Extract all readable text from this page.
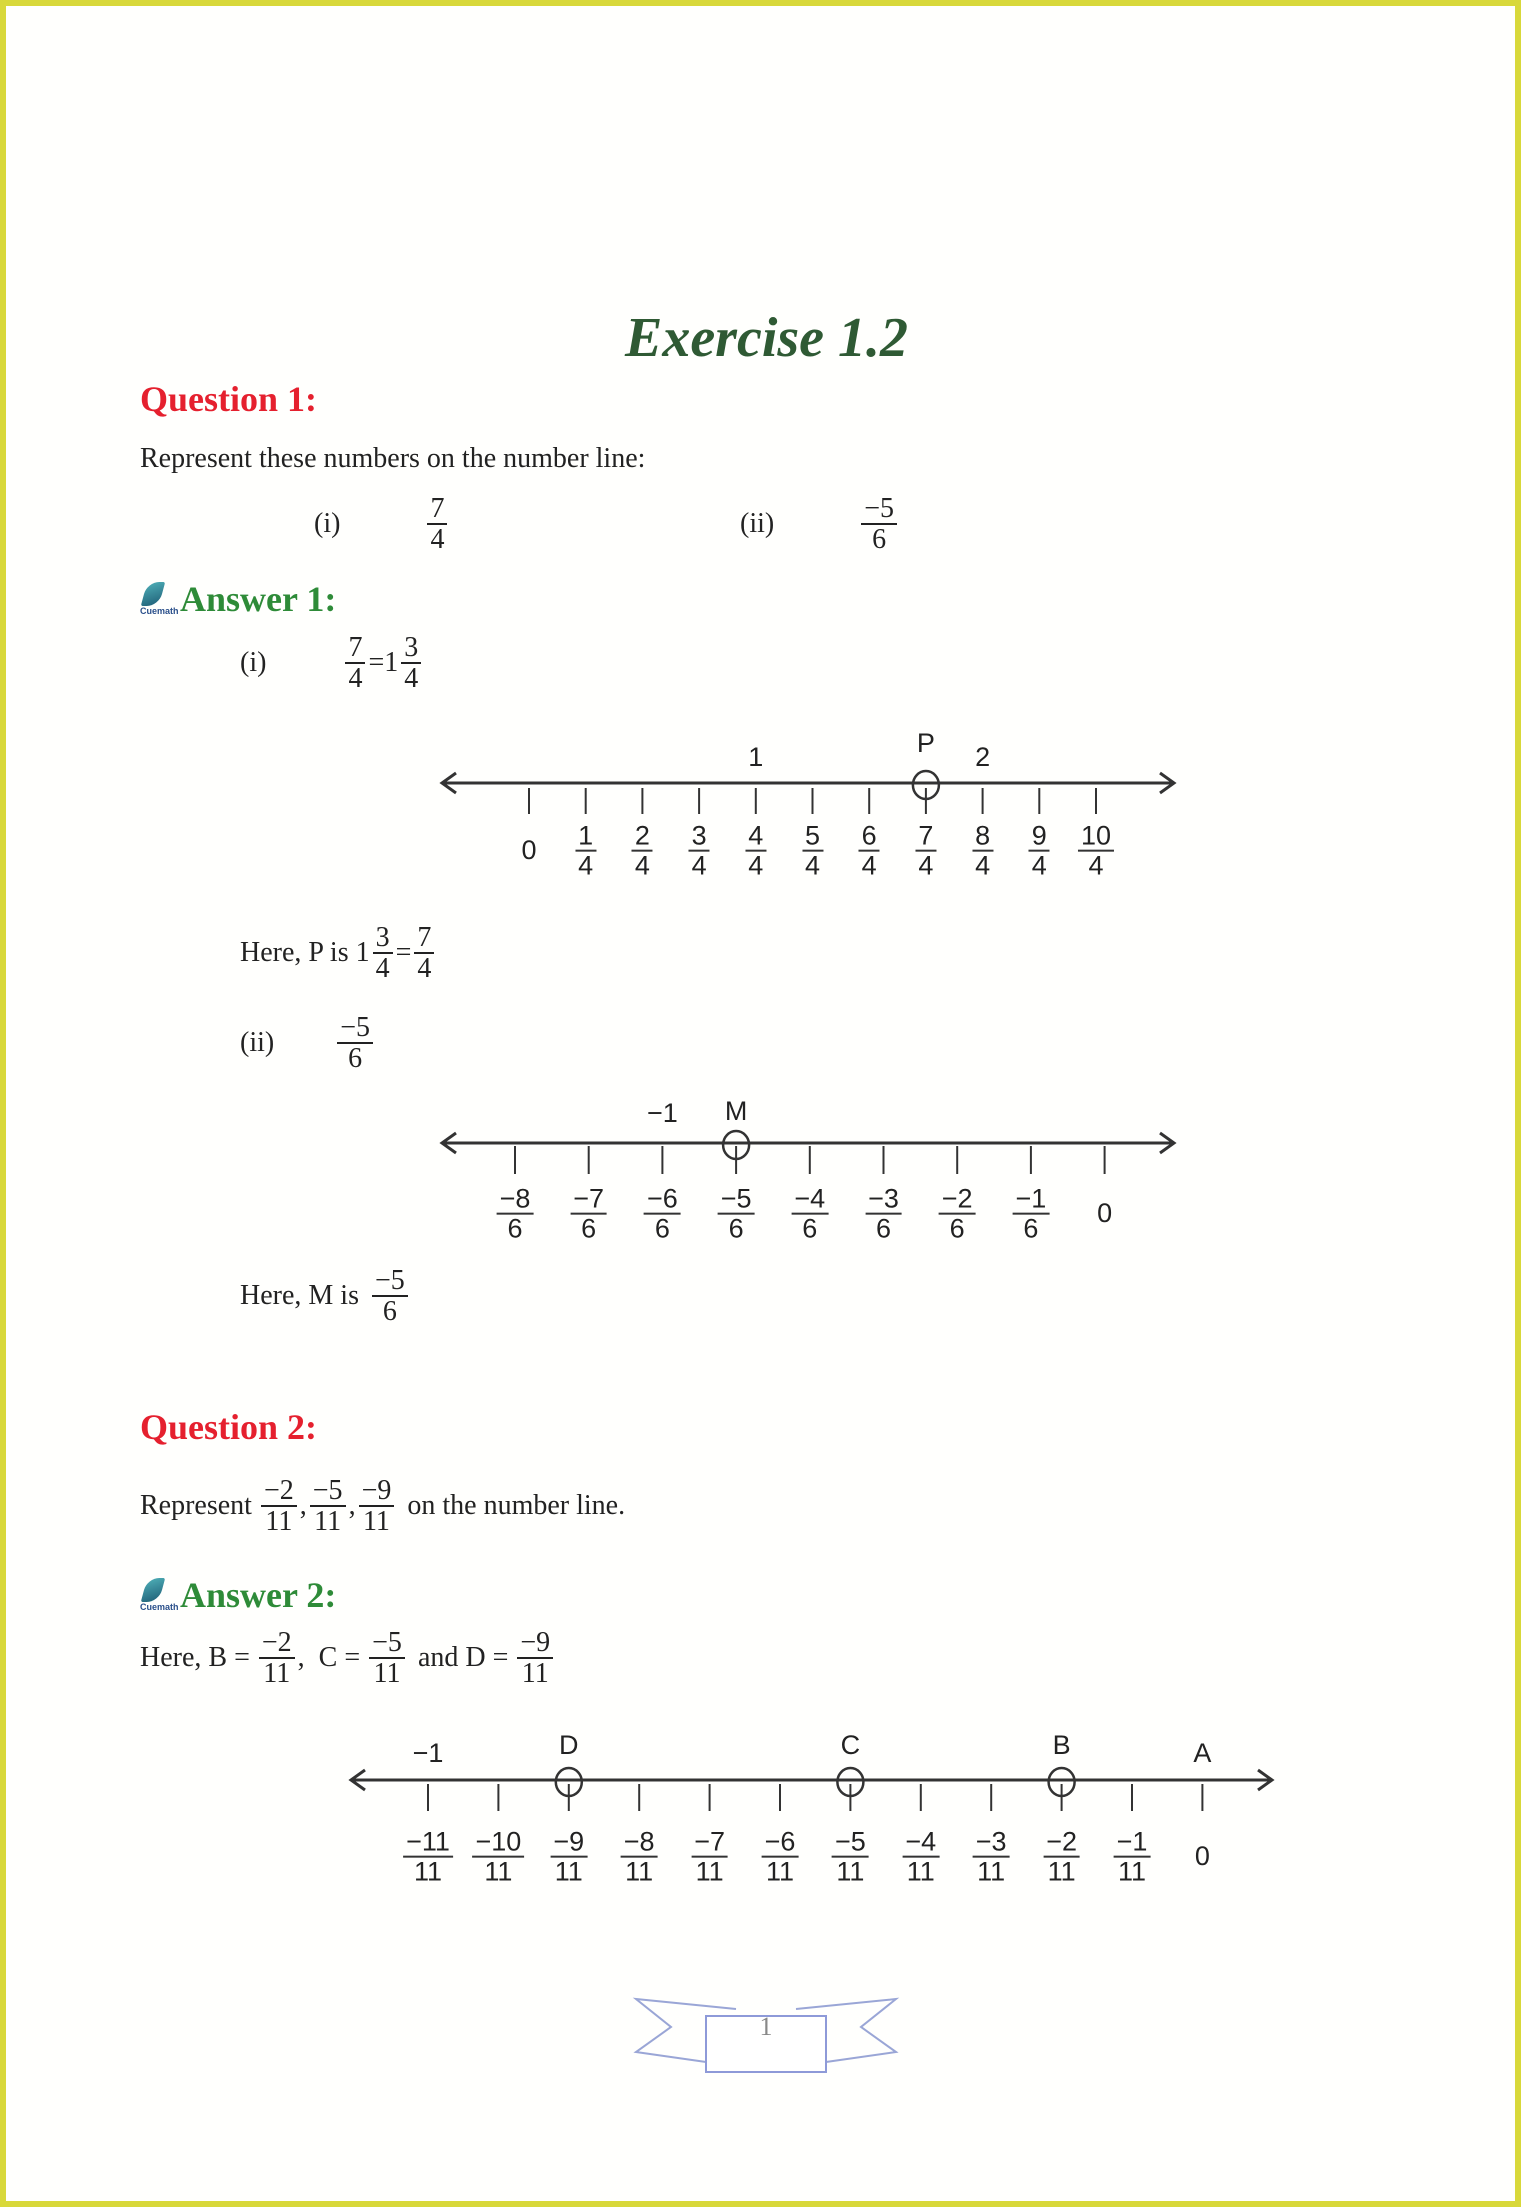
Exercise 1.2
Question 1:
Represent these numbers on the number line:
(i)	$\frac{7}{4}$	(ii)	$\frac{-5}{6}$
Cuemath Answer 1:
(i)	$\frac{7}{4} =1 \frac{3}{4}$
Here, P is $1 \frac{3}{4} = \frac{7}{4}$
$(ii) \frac{-5}{6}$
Here, M is $\frac{-5}{6}$
Question 2:
Represent $\frac{-2}{11}$ , $\frac{-5}{11}$ , $\frac{-9}{11}$ on the number line.
Cuemath Answer 2:
Here, $B = \frac{-2}{11}$ ,  $C = \frac{-5}{11}$ and $D = \frac{-9}{11}$
$0 \frac{1}{4} \frac{2}{4} \frac{3}{4} \frac{4}{4} \frac{5}{4} \frac{6}{4} \frac{7}{4} \frac{8}{4} \frac{9}{4} \frac{10}{4}$
1	2
P
$\frac{-8}{6} \frac{-7}{6} \frac{-6}{6} \frac{-5}{6} \frac{-4}{6} \frac{-3}{6} \frac{-2}{6} \frac{-1}{6} 0$
−1 M
$\frac{-11}{11} \frac{-10}{11} \frac{-9}{11} \frac{-8}{11} \frac{-7}{11} \frac{-6}{11} \frac{-5}{11} \frac{-4}{11} \frac{-3}{11} \frac{-2}{11} \frac{-1}{11} 0$
−1	A
D	C	B
1
